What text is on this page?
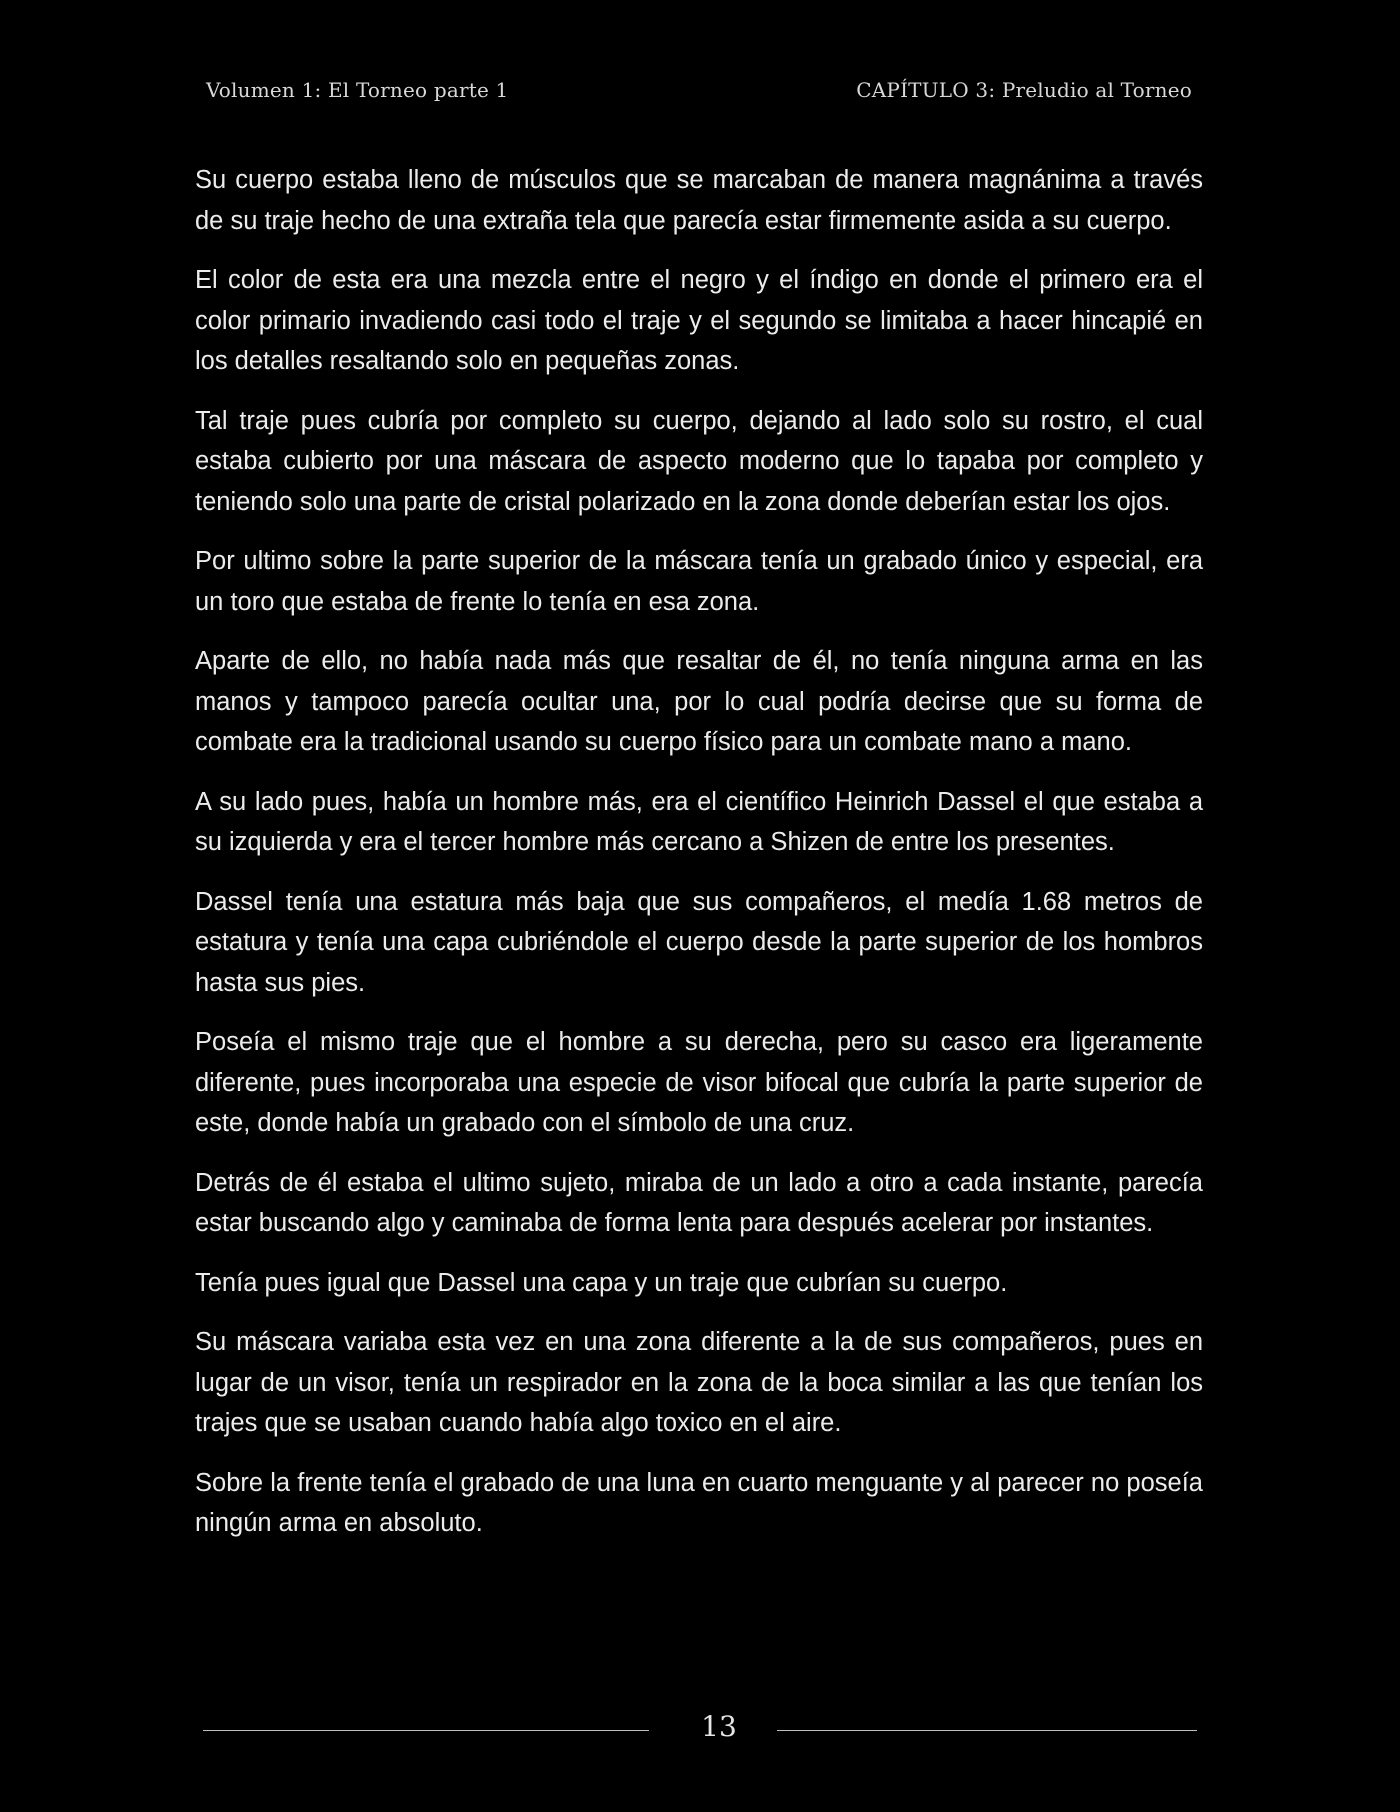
Volumen 1: El Torneo parte 1	CAPÍTULO 3: Preludio al Torneo

Su cuerpo estaba lleno de músculos que se marcaban de manera magnánima a través de su traje hecho de una extraña tela que parecía estar firmemente asida a su cuerpo.

El color de esta era una mezcla entre el negro y el índigo en donde el primero era el color primario invadiendo casi todo el traje y el segundo se limitaba a hacer hincapié en los detalles resaltando solo en pequeñas zonas.

Tal traje pues cubría por completo su cuerpo, dejando al lado solo su rostro, el cual estaba cubierto por una máscara de aspecto moderno que lo tapaba por completo y teniendo solo una parte de cristal polarizado en la zona donde deberían estar los ojos.

Por ultimo sobre la parte superior de la máscara tenía un grabado único y especial, era un toro que estaba de frente lo tenía en esa zona.

Aparte de ello, no había nada más que resaltar de él, no tenía ninguna arma en las manos y tampoco parecía ocultar una, por lo cual podría decirse que su forma de combate era la tradicional usando su cuerpo físico para un combate mano a mano.

A su lado pues, había un hombre más, era el científico Heinrich Dassel el que estaba a su izquierda y era el tercer hombre más cercano a Shizen de entre los presentes.

Dassel tenía una estatura más baja que sus compañeros, el medía 1.68 metros de estatura y tenía una capa cubriéndole el cuerpo desde la parte superior de los hombros hasta sus pies.

Poseía el mismo traje que el hombre a su derecha, pero su casco era ligeramente diferente, pues incorporaba una especie de visor bifocal que cubría la parte superior de este, donde había un grabado con el símbolo de una cruz.

Detrás de él estaba el ultimo sujeto, miraba de un lado a otro a cada instante, parecía estar buscando algo y caminaba de forma lenta para después acelerar por instantes.

Tenía pues igual que Dassel una capa y un traje que cubrían su cuerpo.

Su máscara variaba esta vez en una zona diferente a la de sus compañeros, pues en lugar de un visor, tenía un respirador en la zona de la boca similar a las que tenían los trajes que se usaban cuando había algo toxico en el aire.

Sobre la frente tenía el grabado de una luna en cuarto menguante y al parecer no poseía ningún arma en absoluto.

13
